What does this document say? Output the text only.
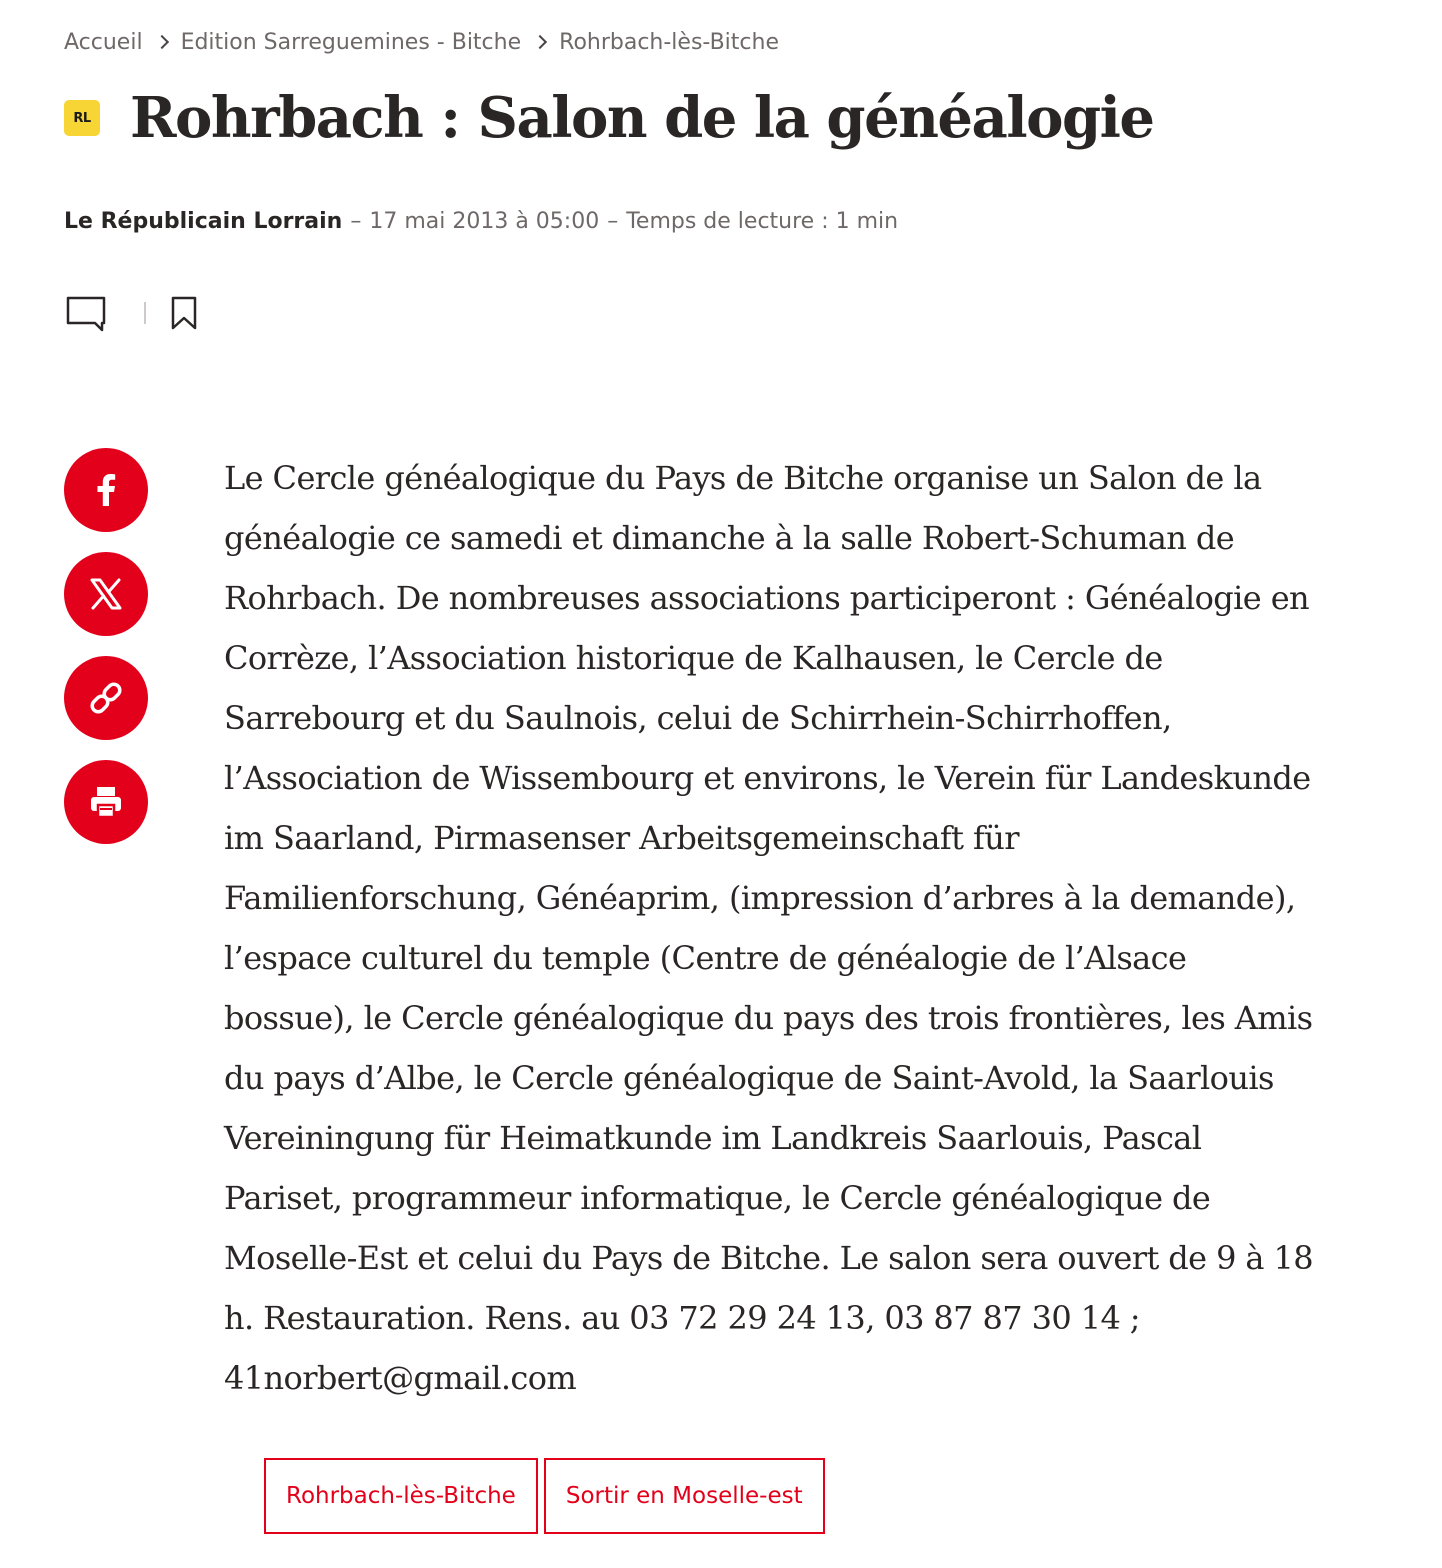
Accueil Edition Sarreguemines - Bitche Rohrbach-lès-Bitche
RL Rohrbach : Salon de la généalogie
Le Républicain Lorrain – 17 mai 2013 à 05:00 – Temps de lecture : 1 min

Le Cercle généalogique du Pays de Bitche organise un Salon de la généalogie ce samedi et dimanche à la salle Robert-Schuman de Rohrbach. De nombreuses associations participeront : Généalogie en Corrèze, l’Association historique de Kalhausen, le Cercle de Sarrebourg et du Saulnois, celui de Schirrhein-Schirrhoffen, l’Association de Wissembourg et environs, le Verein für Landeskunde im Saarland, Pirmasenser Arbeitsgemeinschaft für Familienforschung, Généaprim, (impression d’arbres à la demande), l’espace culturel du temple (Centre de généalogie de l’Alsace bossue), le Cercle généalogique du pays des trois frontières, les Amis du pays d’Albe, le Cercle généalogique de Saint-Avold, la Saarlouis Vereiningung für Heimatkunde im Landkreis Saarlouis, Pascal Pariset, programmeur informatique, le Cercle généalogique de Moselle-Est et celui du Pays de Bitche. Le salon sera ouvert de 9 à 18 h. Restauration. Rens. au 03 72 29 24 13, 03 87 87 30 14 ; 41norbert@gmail.com

Rohrbach-lès-Bitche	Sortir en Moselle-est
